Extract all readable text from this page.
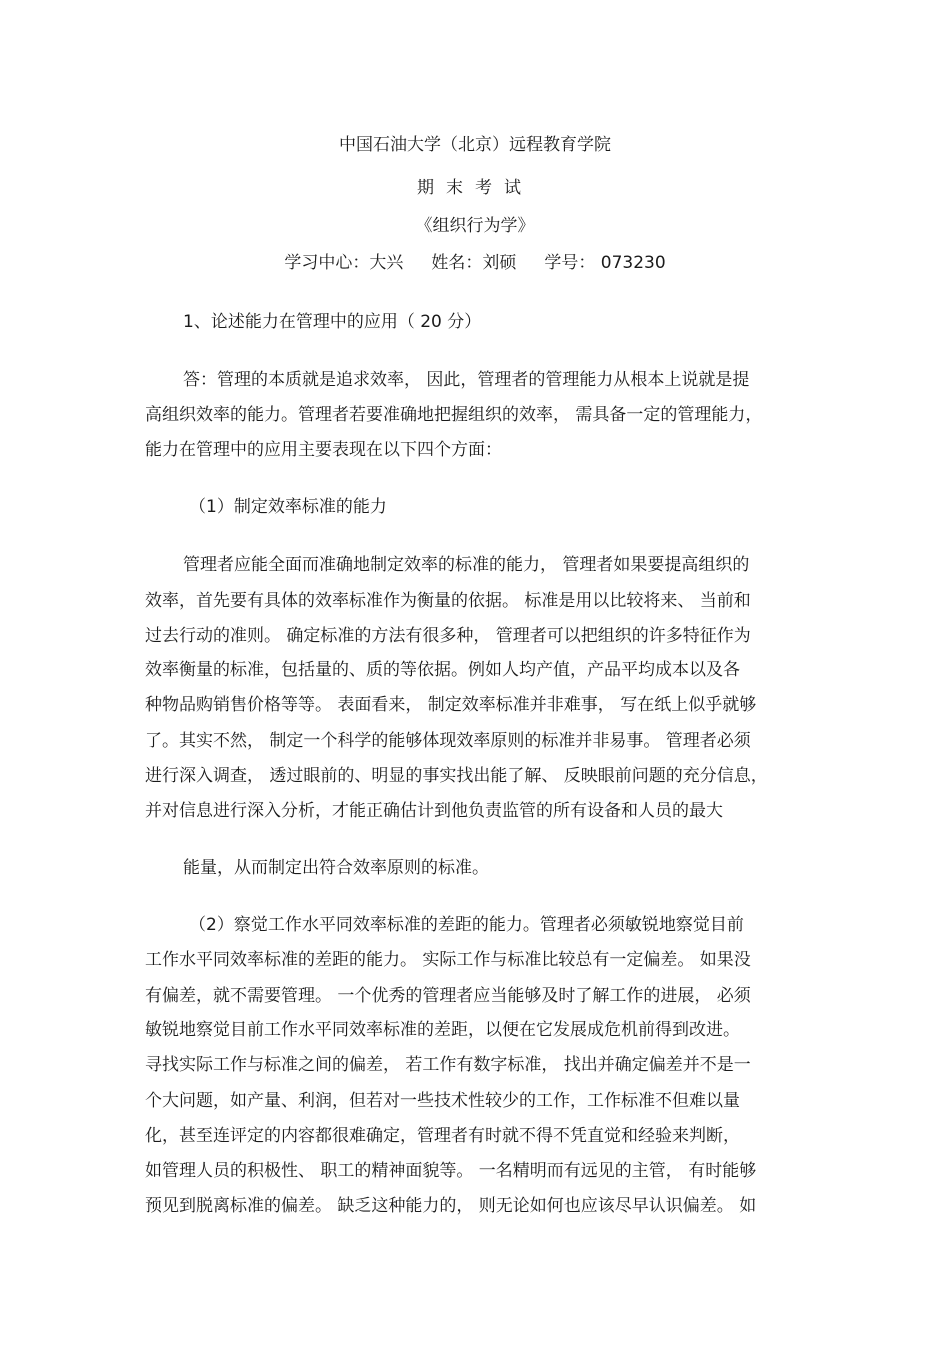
中国石油大学（北京）远程教育学院
期末考试
《组织行为学》
学习中心：大兴 姓名：刘硕 学号： 073230
1、论述能力在管理中的应用（ 20 分）
答：管理的本质就是追求效率， 因此，管理者的管理能力从根本上说就是提
高组织效率的能力。管理者若要准确地把握组织的效率， 需具备一定的管理能力，
能力在管理中的应用主要表现在以下四个方面：
（1）制定效率标准的能力
管理者应能全面而准确地制定效率的标准的能力， 管理者如果要提高组织的
效率，首先要有具体的效率标准作为衡量的依据。 标准是用以比较将来、 当前和
过去行动的准则。 确定标准的方法有很多种， 管理者可以把组织的许多特征作为
效率衡量的标准，包括量的、质的等依据。例如人均产值，产品平均成本以及各
种物品购销售价格等等。 表面看来， 制定效率标准并非难事， 写在纸上似乎就够
了。其实不然， 制定一个科学的能够体现效率原则的标准并非易事。 管理者必须
进行深入调查， 透过眼前的、明显的事实找出能了解、 反映眼前问题的充分信息，
并对信息进行深入分析，才能正确估计到他负责监管的所有设备和人员的最大
能量，从而制定出符合效率原则的标准。
（2）察觉工作水平同效率标准的差距的能力。管理者必须敏锐地察觉目前
工作水平同效率标准的差距的能力。 实际工作与标准比较总有一定偏差。 如果没
有偏差，就不需要管理。 一个优秀的管理者应当能够及时了解工作的进展， 必须
敏锐地察觉目前工作水平同效率标准的差距，以便在它发展成危机前得到改进。
寻找实际工作与标准之间的偏差， 若工作有数字标准， 找出并确定偏差并不是一
个大问题，如产量、利润，但若对一些技术性较少的工作，工作标准不但难以量
化，甚至连评定的内容都很难确定，管理者有时就不得不凭直觉和经验来判断，
如管理人员的积极性、 职工的精神面貌等。 一名精明而有远见的主管， 有时能够
预见到脱离标准的偏差。 缺乏这种能力的， 则无论如何也应该尽早认识偏差。 如
